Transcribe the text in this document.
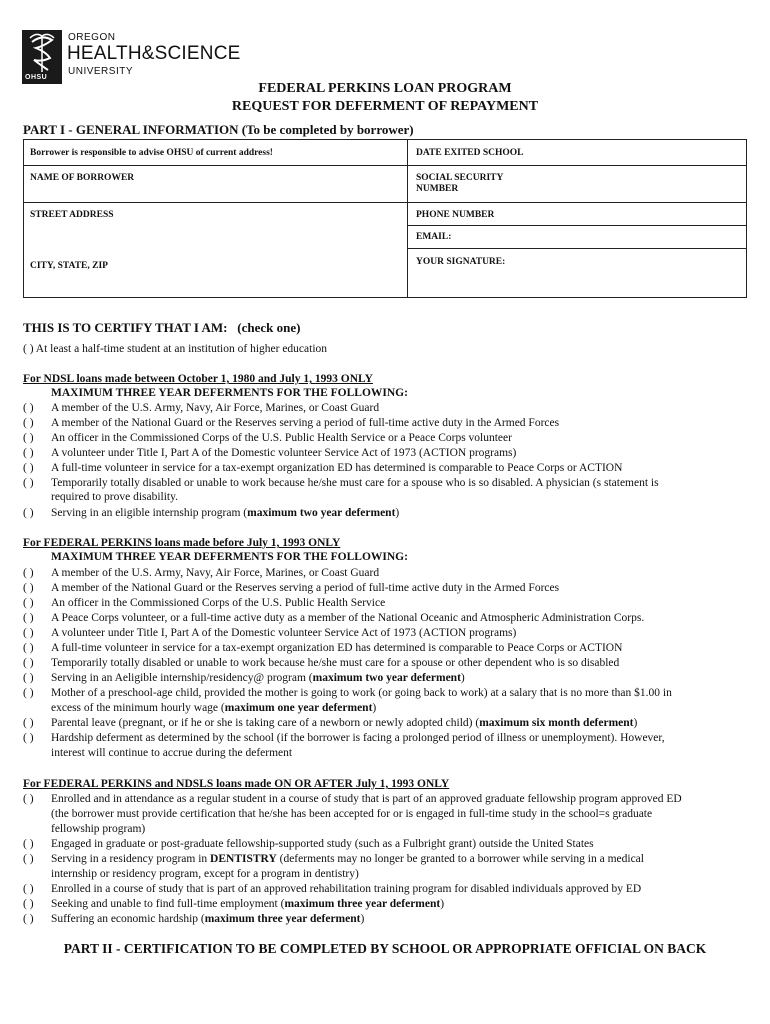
OHSU
OREGON
HEALTH&SCIENCE
UNIVERSITY
FEDERAL PERKINS LOAN PROGRAM
REQUEST FOR DEFERMENT OF REPAYMENT
PART I - GENERAL INFORMATION (To be completed by borrower)
Borrower is responsible to advise OHSU of current address!	DATE EXITED SCHOOL
NAME OF BORROWER	SOCIAL SECURITY
NUMBER
STREET ADDRESS	PHONE NUMBER
EMAIL:
CITY, STATE, ZIP	YOUR SIGNATURE:
THIS IS TO CERTIFY THAT I AM: (check one)
( ) At least a half-time student at an institution of higher education
For NDSL loans made between October 1, 1980 and July 1, 1993 ONLY
MAXIMUM THREE YEAR DEFERMENTS FOR THE FOLLOWING:
( ) A member of the U.S. Army, Navy, Air Force, Marines, or Coast Guard
( ) A member of the National Guard or the Reserves serving a period of full-time active duty in the Armed Forces
( ) An officer in the Commissioned Corps of the U.S. Public Health Service or a Peace Corps volunteer
( ) A volunteer under Title I, Part A of the Domestic volunteer Service Act of 1973 (ACTION programs)
( ) A full-time volunteer in service for a tax-exempt organization ED has determined is comparable to Peace Corps or ACTION
( ) Temporarily totally disabled or unable to work because he/she must care for a spouse who is so disabled. A physician (s statement is
required to prove disability.
( ) Serving in an eligible internship program (maximum two year deferment)
For FEDERAL PERKINS loans made before July 1, 1993 ONLY
MAXIMUM THREE YEAR DEFERMENTS FOR THE FOLLOWING:
( ) A member of the U.S. Army, Navy, Air Force, Marines, or Coast Guard
( ) A member of the National Guard or the Reserves serving a period of full-time active duty in the Armed Forces
( ) An officer in the Commissioned Corps of the U.S. Public Health Service
( ) A Peace Corps volunteer, or a full-time active duty as a member of the National Oceanic and Atmospheric Administration Corps.
( ) A volunteer under Title I, Part A of the Domestic volunteer Service Act of 1973 (ACTION programs)
( ) A full-time volunteer in service for a tax-exempt organization ED has determined is comparable to Peace Corps or ACTION
( ) Temporarily totally disabled or unable to work because he/she must care for a spouse or other dependent who is so disabled
( ) Serving in an Aeligible internship/residency@ program (maximum two year deferment)
( ) Mother of a preschool-age child, provided the mother is going to work (or going back to work) at a salary that is no more than $1.00 in
excess of the minimum hourly wage (maximum one year deferment)
( ) Parental leave (pregnant, or if he or she is taking care of a newborn or newly adopted child) (maximum six month deferment)
( ) Hardship deferment as determined by the school (if the borrower is facing a prolonged period of illness or unemployment). However,
interest will continue to accrue during the deferment
For FEDERAL PERKINS and NDSLS loans made ON OR AFTER July 1, 1993 ONLY
( ) Enrolled and in attendance as a regular student in a course of study that is part of an approved graduate fellowship program approved ED
(the borrower must provide certification that he/she has been accepted for or is engaged in full-time study in the school=s graduate
fellowship program)
( ) Engaged in graduate or post-graduate fellowship-supported study (such as a Fulbright grant) outside the United States
( ) Serving in a residency program in DENTISTRY (deferments may no longer be granted to a borrower while serving in a medical
internship or residency program, except for a program in dentistry)
( ) Enrolled in a course of study that is part of an approved rehabilitation training program for disabled individuals approved by ED
( ) Seeking and unable to find full-time employment (maximum three year deferment)
( ) Suffering an economic hardship (maximum three year deferment)
PART II - CERTIFICATION TO BE COMPLETED BY SCHOOL OR APPROPRIATE OFFICIAL ON BACK
